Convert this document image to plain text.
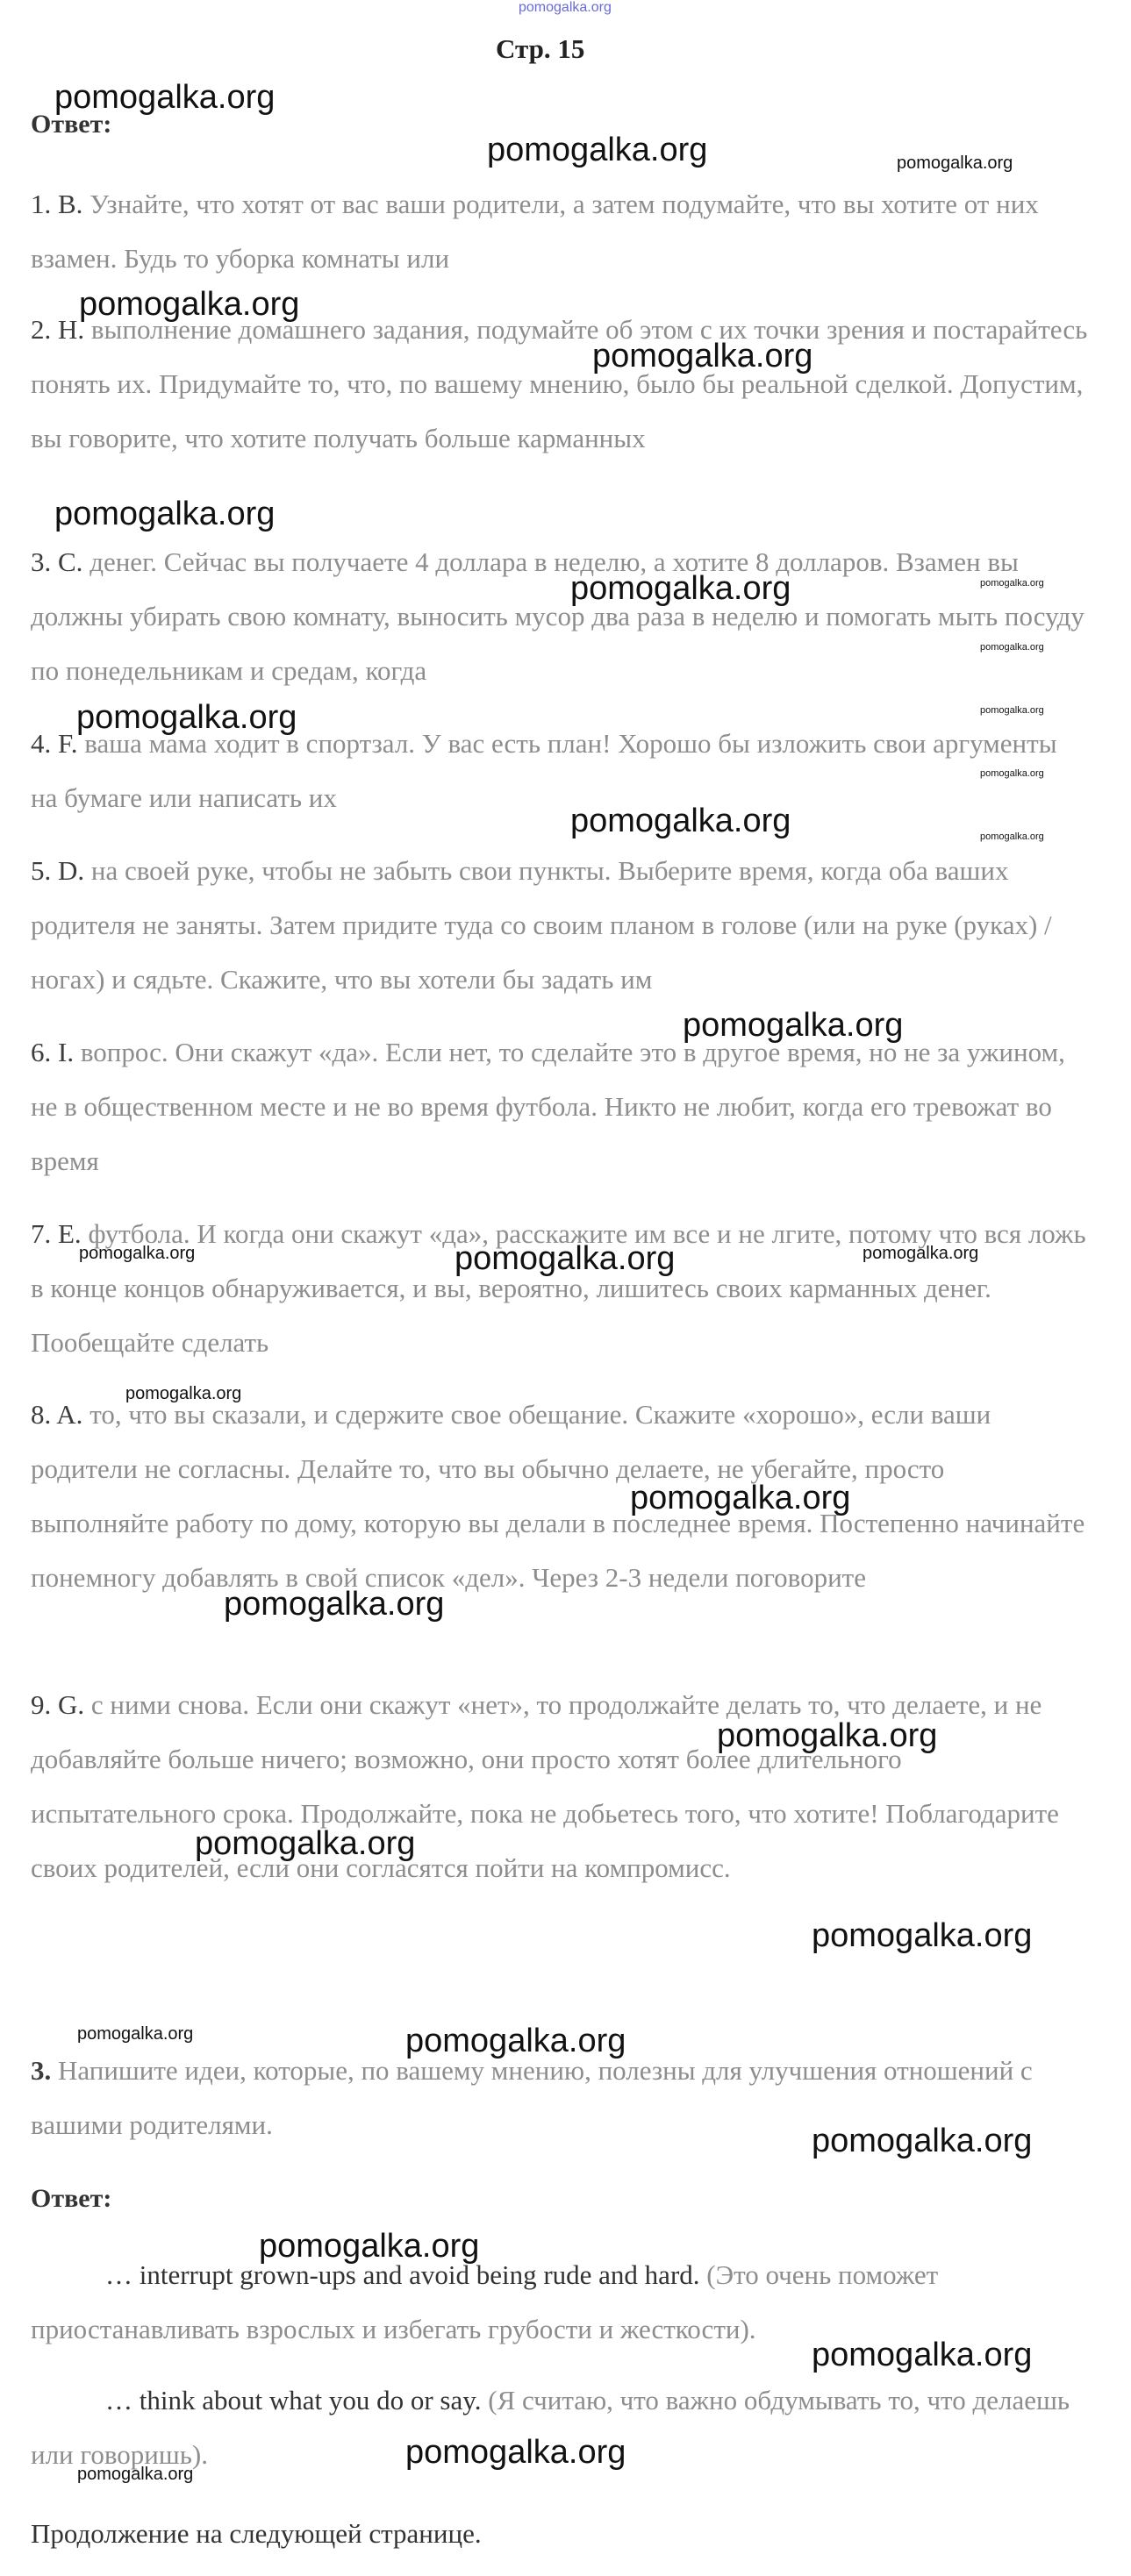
pomogalka.org
Стр. 15
Ответ:
1. B. Узнайте, что хотят от вас ваши родители, а затем подумайте, что вы хотите от них взамен. Будь то уборка комнаты или
2. H. выполнение домашнего задания, подумайте об этом с их точки зрения и постарайтесь понять их. Придумайте то, что, по вашему мнению, было бы реальной сделкой. Допустим, вы говорите, что хотите получать больше карманных
3. C. денег. Сейчас вы получаете 4 доллара в неделю, а хотите 8 долларов. Взамен вы должны убирать свою комнату, выносить мусор два раза в неделю и помогать мыть посуду по понедельникам и средам, когда
4. F. ваша мама ходит в спортзал. У вас есть план! Хорошо бы изложить свои аргументы на бумаге или написать их
5. D. на своей руке, чтобы не забыть свои пункты. Выберите время, когда оба ваших родителя не заняты. Затем придите туда со своим планом в голове (или на руке (руках) / ногах) и сядьте. Скажите, что вы хотели бы задать им
6. I. вопрос. Они скажут «да». Если нет, то сделайте это в другое время, но не за ужином, не в общественном месте и не во время футбола. Никто не любит, когда его тревожат во время
7. E. футбола. И когда они скажут «да», расскажите им все и не лгите, потому что вся ложь в конце концов обнаруживается, и вы, вероятно, лишитесь своих карманных денег. Пообещайте сделать
8. A. то, что вы сказали, и сдержите свое обещание. Скажите «хорошо», если ваши родители не согласны. Делайте то, что вы обычно делаете, не убегайте, просто выполняйте работу по дому, которую вы делали в последнее время. Постепенно начинайте понемногу добавлять в свой список «дел». Через 2-3 недели поговорите
9. G. с ними снова. Если они скажут «нет», то продолжайте делать то, что делаете, и не добавляйте больше ничего; возможно, они просто хотят более длительного испытательного срока. Продолжайте, пока не добьетесь того, что хотите! Поблагодарите своих родителей, если они согласятся пойти на компромисс.
3. Напишите идеи, которые, по вашему мнению, полезны для улучшения отношений с вашими родителями.
Ответ:
… interrupt grown-ups and avoid being rude and hard. (Это очень поможет приостанавливать взрослых и избегать грубости и жесткости).
… think about what you do or say. (Я считаю, что важно обдумывать то, что делаешь или говоришь).
Продолжение на следующей странице.
pomogalka.org
pomogalka.org	pomogalka.org
pomogalka.org
pomogalka.org
pomogalka.org
pomogalka.org	pomogalka.org
pomogalka.org
pomogalka.org	pomogalka.org
pomogalka.org
pomogalka.org	pomogalka.org
pomogalka.org
pomogalka.org	pomogalka.org	pomogalka.org
pomogalka.org
pomogalka.org
pomogalka.org
pomogalka.org
pomogalka.org
pomogalka.org
pomogalka.org	pomogalka.org
pomogalka.org
pomogalka.org
pomogalka.org
pomogalka.org
pomogalka.org
